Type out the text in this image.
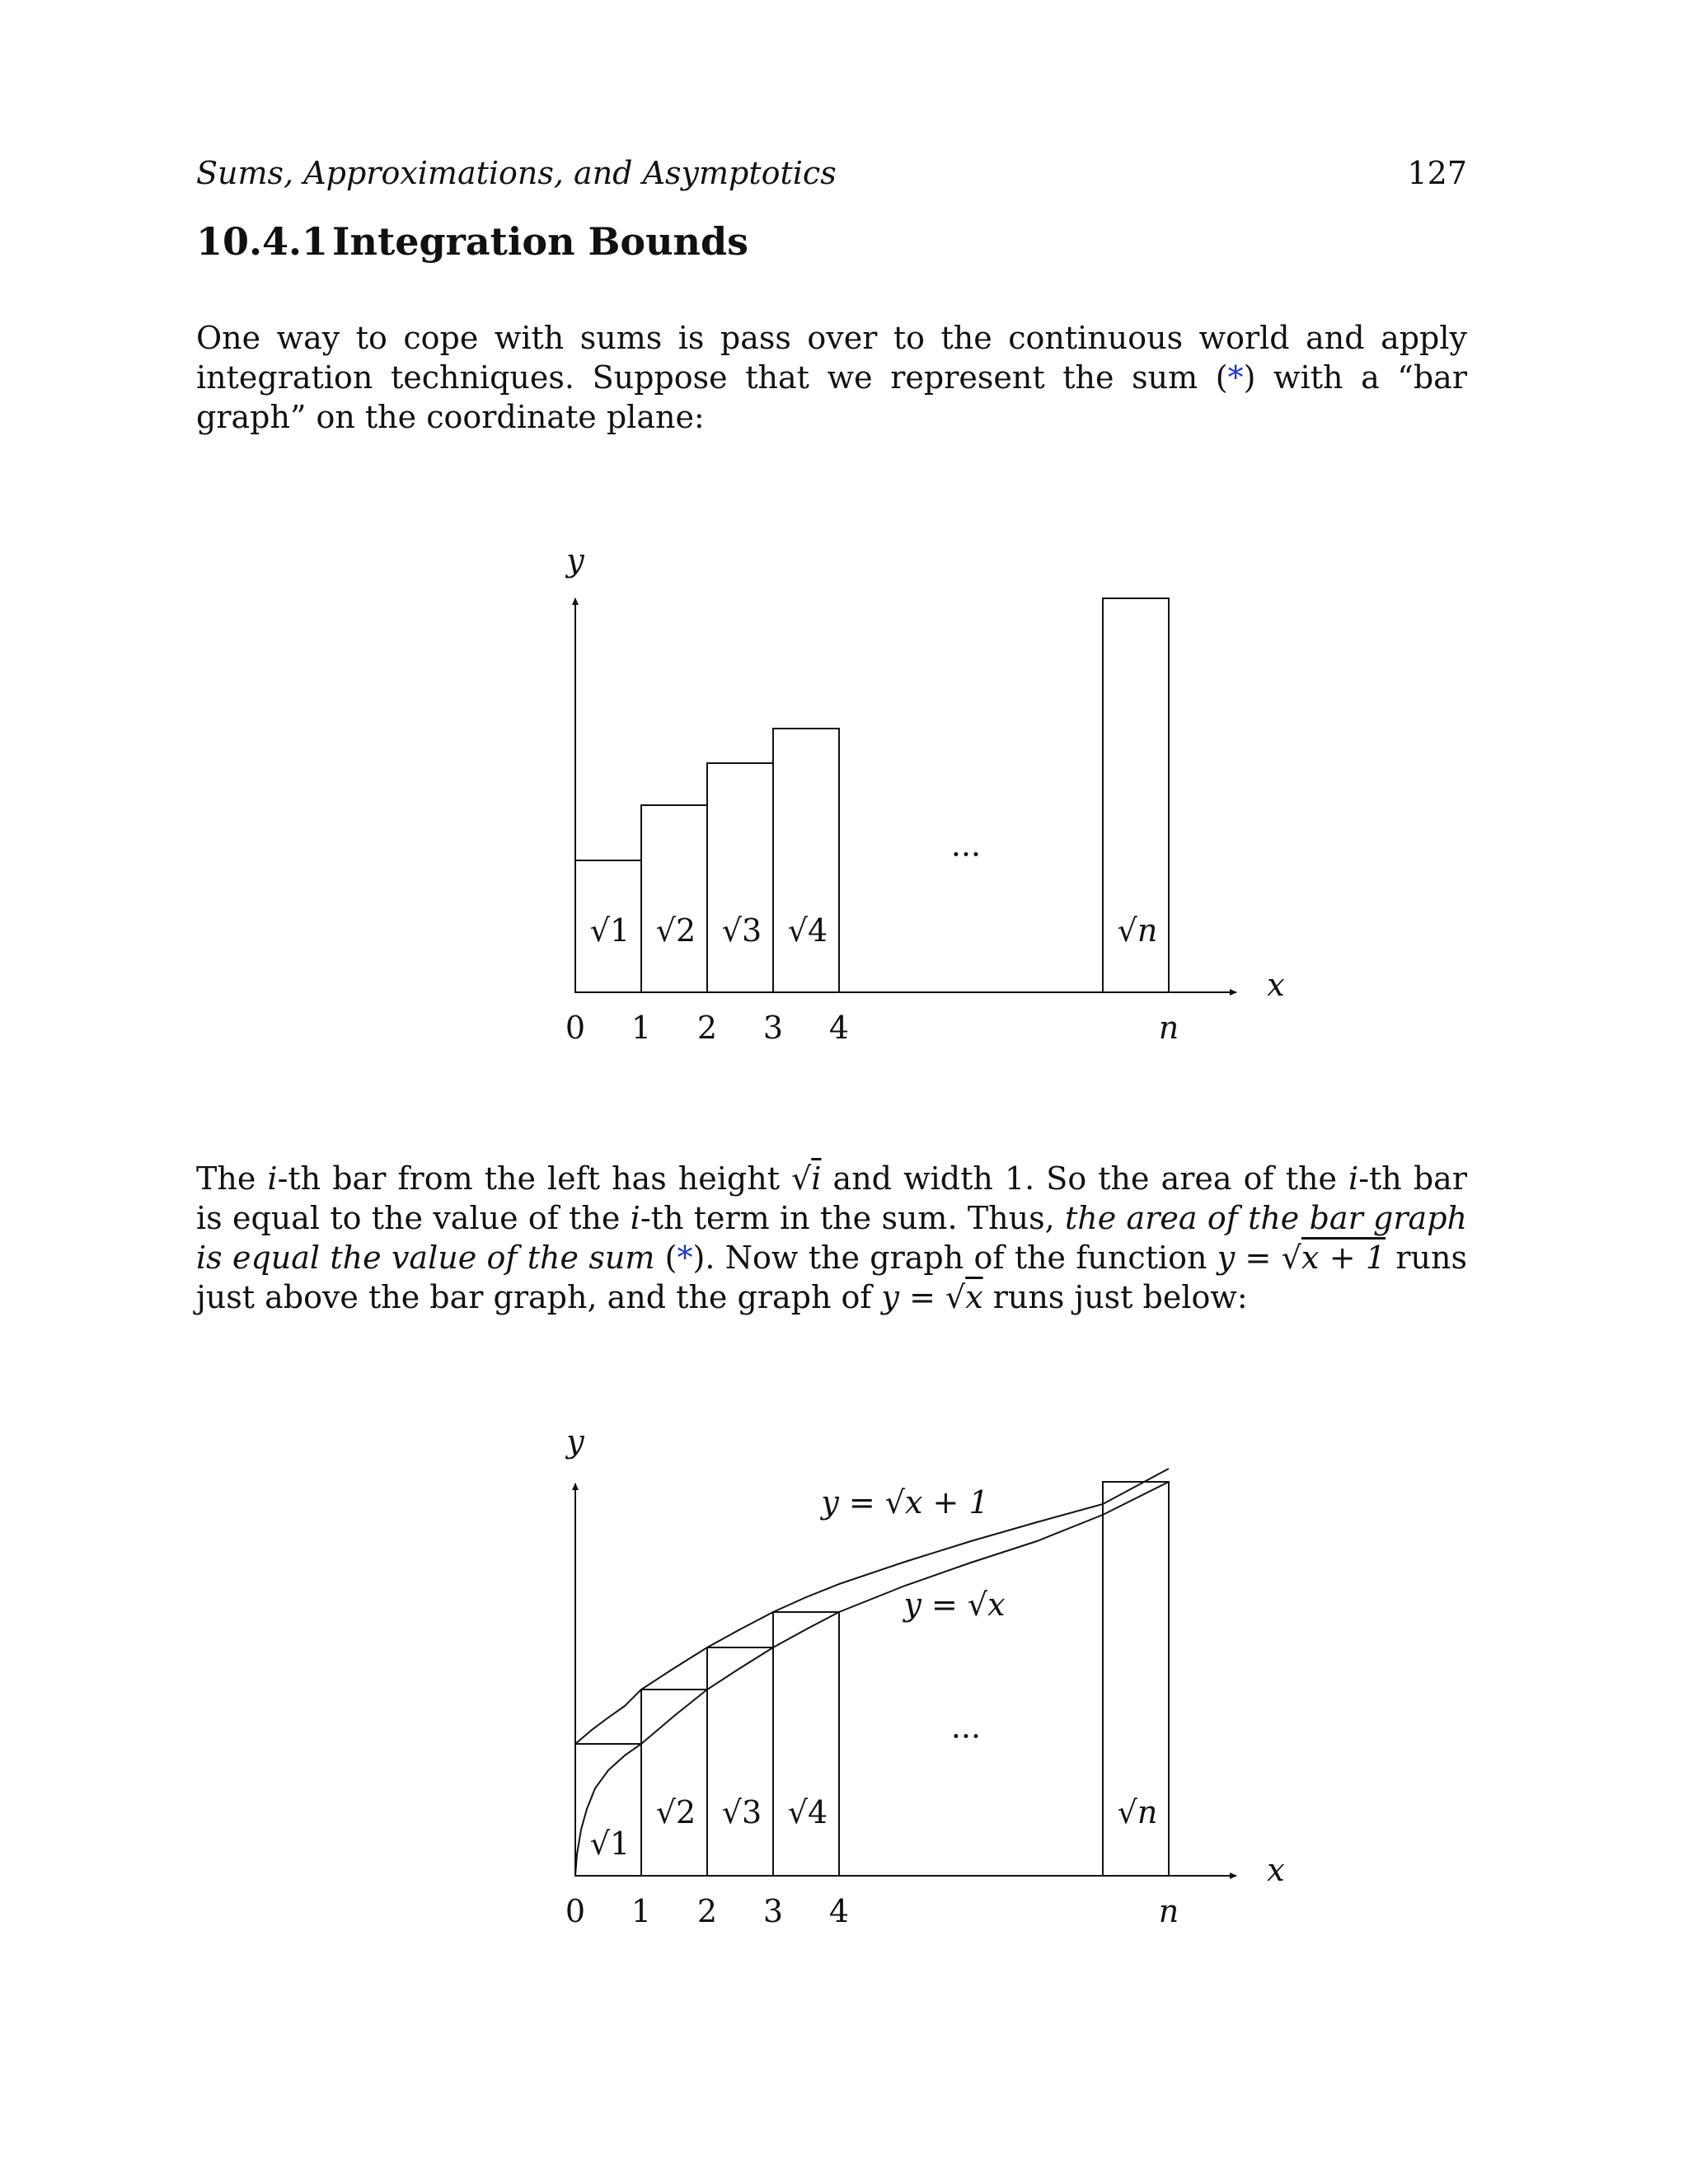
Sums, Approximations, and Asymptotics	127
10.4.1 Integration Bounds

One way to cope with sums is pass over to the continuous world and apply integration techniques. Suppose that we represent the sum (*) with a “bar graph” on the coordinate plane:

The i-th bar from the left has height √i and width 1. So the area of the i-th bar is equal to the value of the i-th term in the sum. Thus, the area of the bar graph is equal the value of the sum (*). Now the graph of the function y = √x + 1 runs just above the bar graph, and the graph of y = √x runs just below:

y
x
√1 √2 √3 √4	√n
···
0 1 2 3 4	n
y
x
y = √x + 1
y = √x
√1
√2 √3 √4	√n
···
0 1 2 3 4	n
